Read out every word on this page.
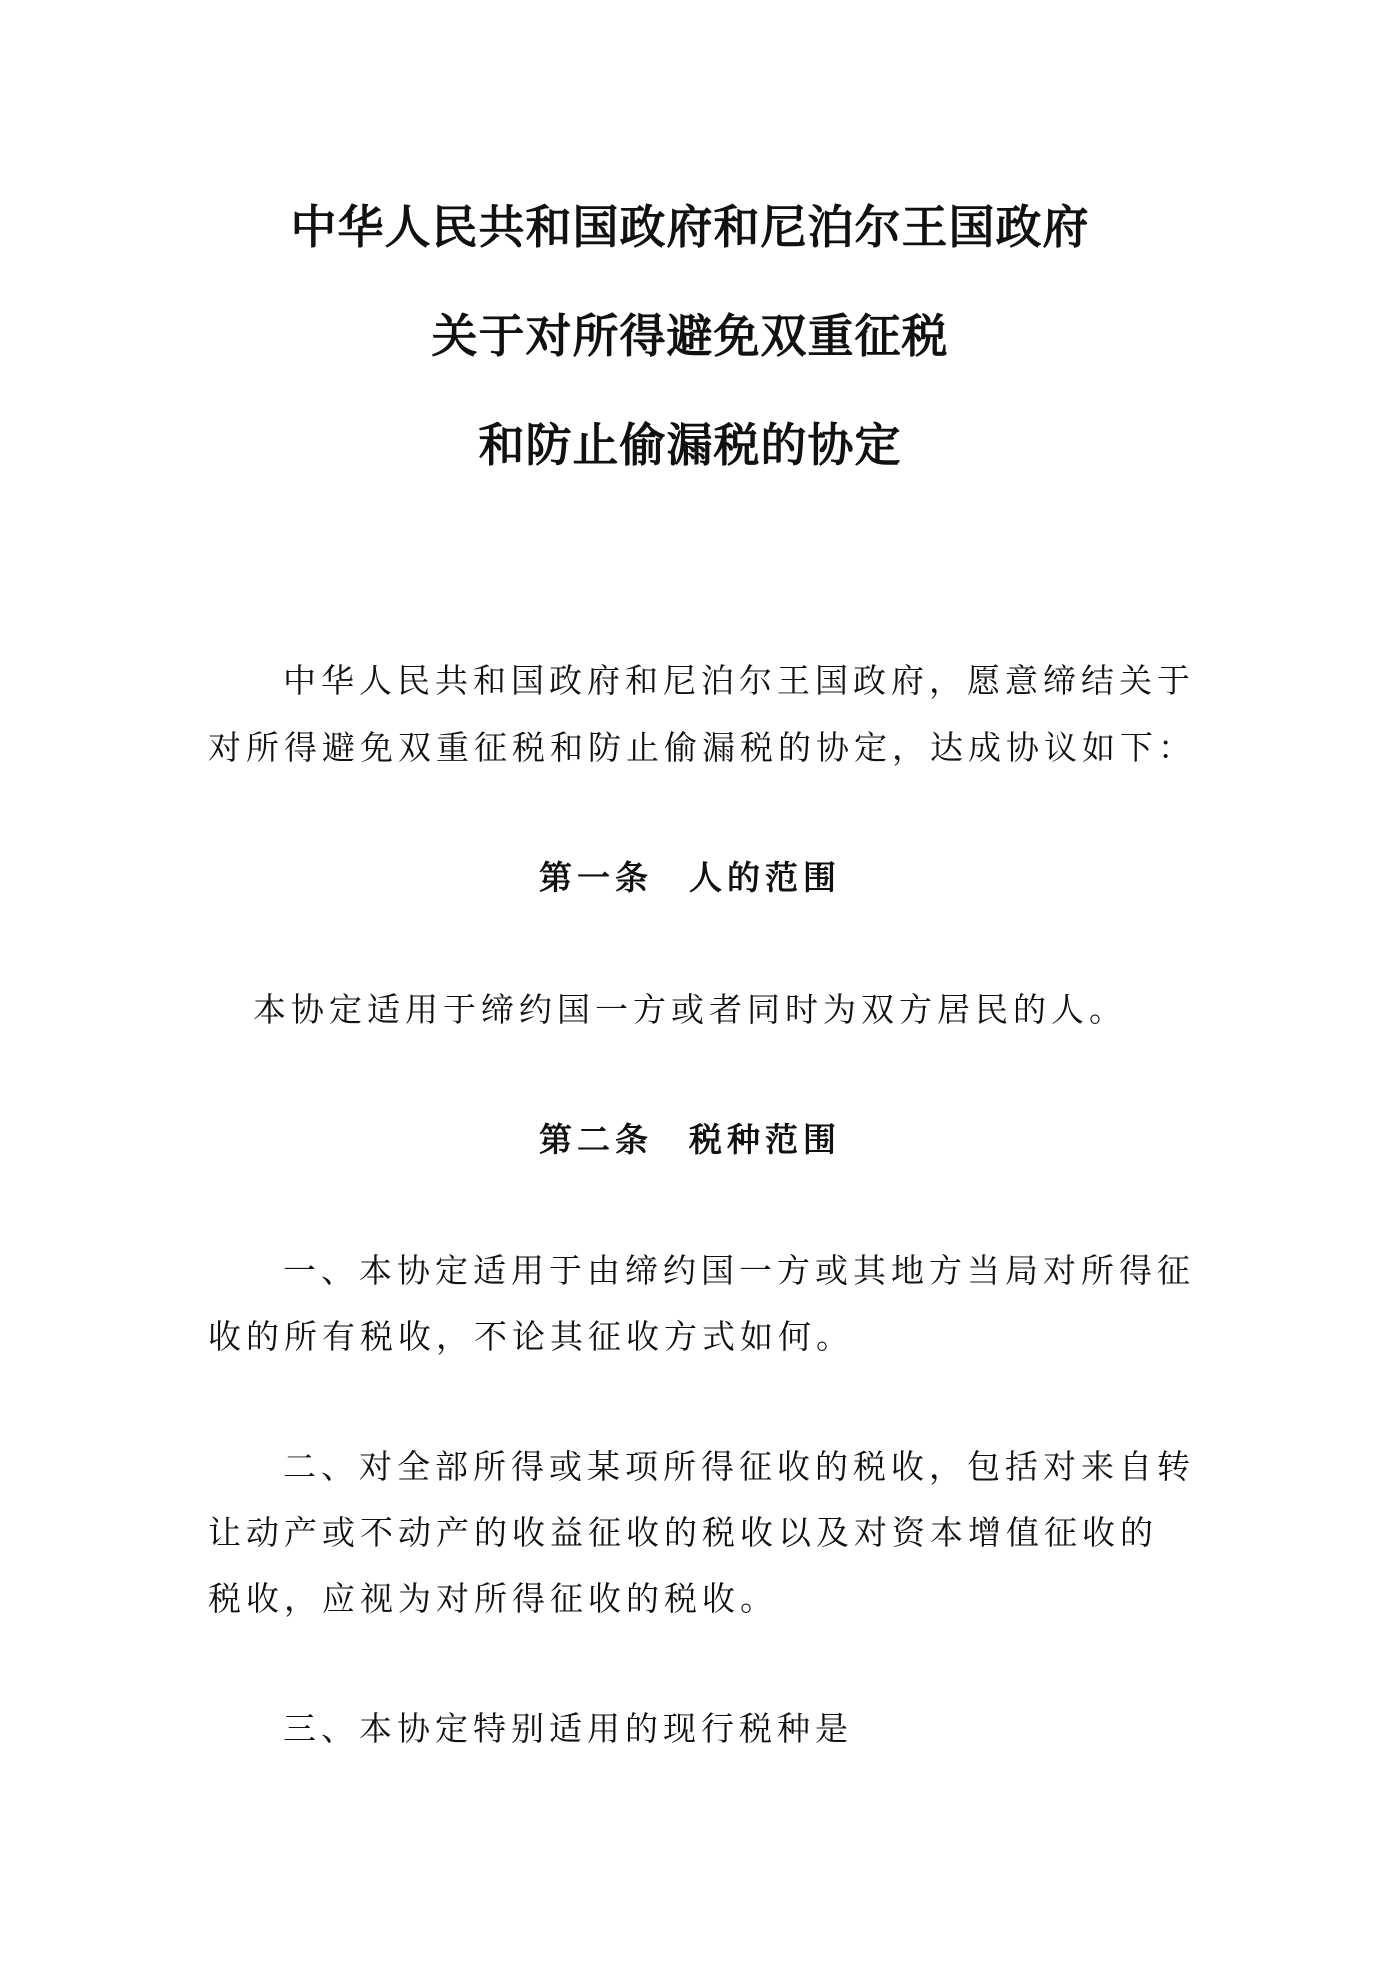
中华人民共和国政府和尼泊尔王国政府
关于对所得避免双重征税
和防止偷漏税的协定

中华人民共和国政府和尼泊尔王国政府，愿意缔结关于

对所得避免双重征税和防止偷漏税的协定，达成协议如下：

第一条 人的范围

本协定适用于缔约国一方或者同时为双方居民的人。

第二条 税种范围

一、本协定适用于由缔约国一方或其地方当局对所得征

收的所有税收，不论其征收方式如何。

二、对全部所得或某项所得征收的税收，包括对来自转

让动产或不动产的收益征收的税收以及对资本增值征收的

税收，应视为对所得征收的税收。

三、本协定特别适用的现行税种是
